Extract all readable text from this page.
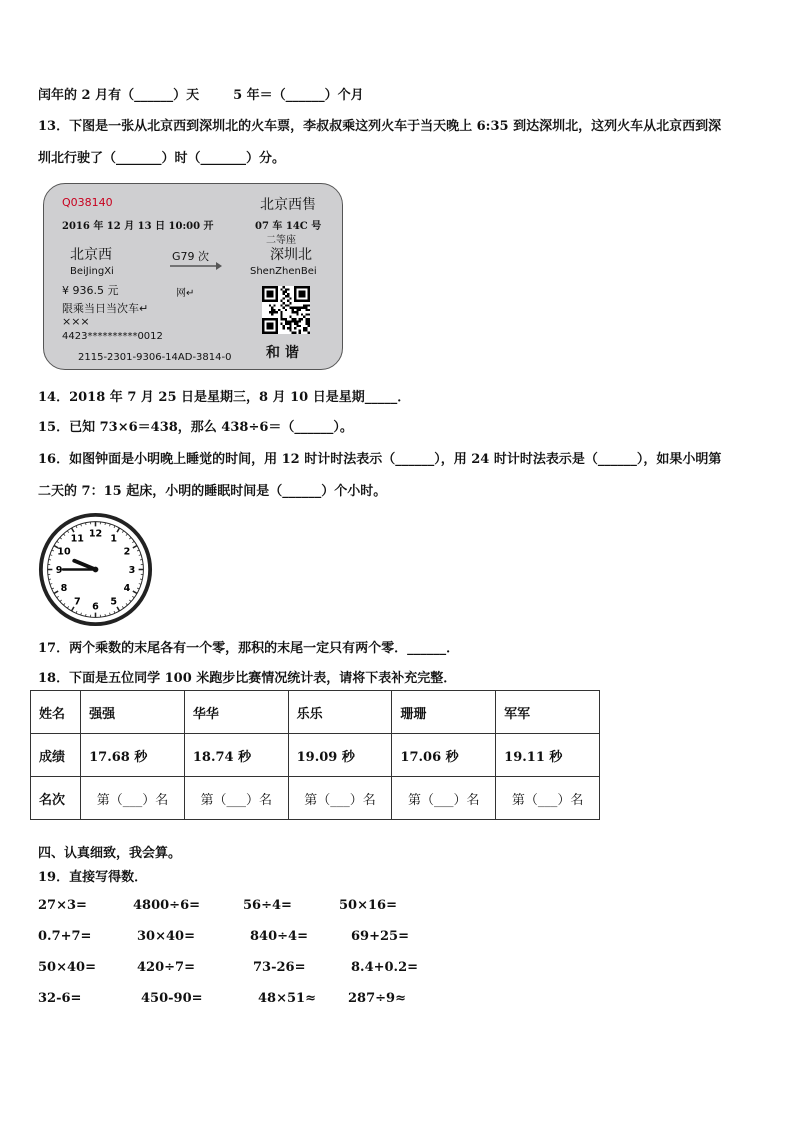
闰年的 2 月有（______）天	5 年＝（______）个月
13．下图是一张从北京西到深圳北的火车票，李叔叔乘这列火车于当天晚上 6:35 到达深圳北，这列火车从北京西到深
圳北行驶了（_______）时（_______）分。
Q038140	北京西售
2016 年 12 月 13 日 10:00 开	07 车 14C 号
二等座
北京西
BeiJingXi
G79 次	深圳北
ShenZhenBei
¥ 936.5 元	网↵
限乘当日当次车↵
×××
4423**********0012
和 谐
2115-2301-9306-14AD-3814-0
14．2018 年 7 月 25 日是星期三，8 月 10 日是星期_____．
15．已知 73×6＝438，那么 438÷6＝（______）。
16．如图钟面是小明晚上睡觉的时间，用 12 时计时法表示（______），用 24 时计时法表示是（______），如果小明第
二天的 7：15 起床，小明的睡眠时间是（______）个小时。
12 1
2
3
4
5
6
7
8
9
10
11
17．两个乘数的末尾各有一个零，那积的末尾一定只有两个零．______．
18．下面是五位同学 100 米跑步比赛情况统计表，请将下表补充完整．
姓名	强强	华华	乐乐	珊珊	军军
成绩	17.68 秒	18.74 秒	19.09 秒	17.06 秒	19.11 秒
名次	第（___）名	第（___）名	第（___）名	第（___）名	第（___）名
四、认真细致，我会算。
19．直接写得数．
27×3=	4800÷6=	56÷4=	50×16=
0.7+7=	30×40=	840÷4=	69+25=
50×40=	420÷7=	73-26=	8.4+0.2=
32-6=	450-90=	48×51≈ 287÷9≈
